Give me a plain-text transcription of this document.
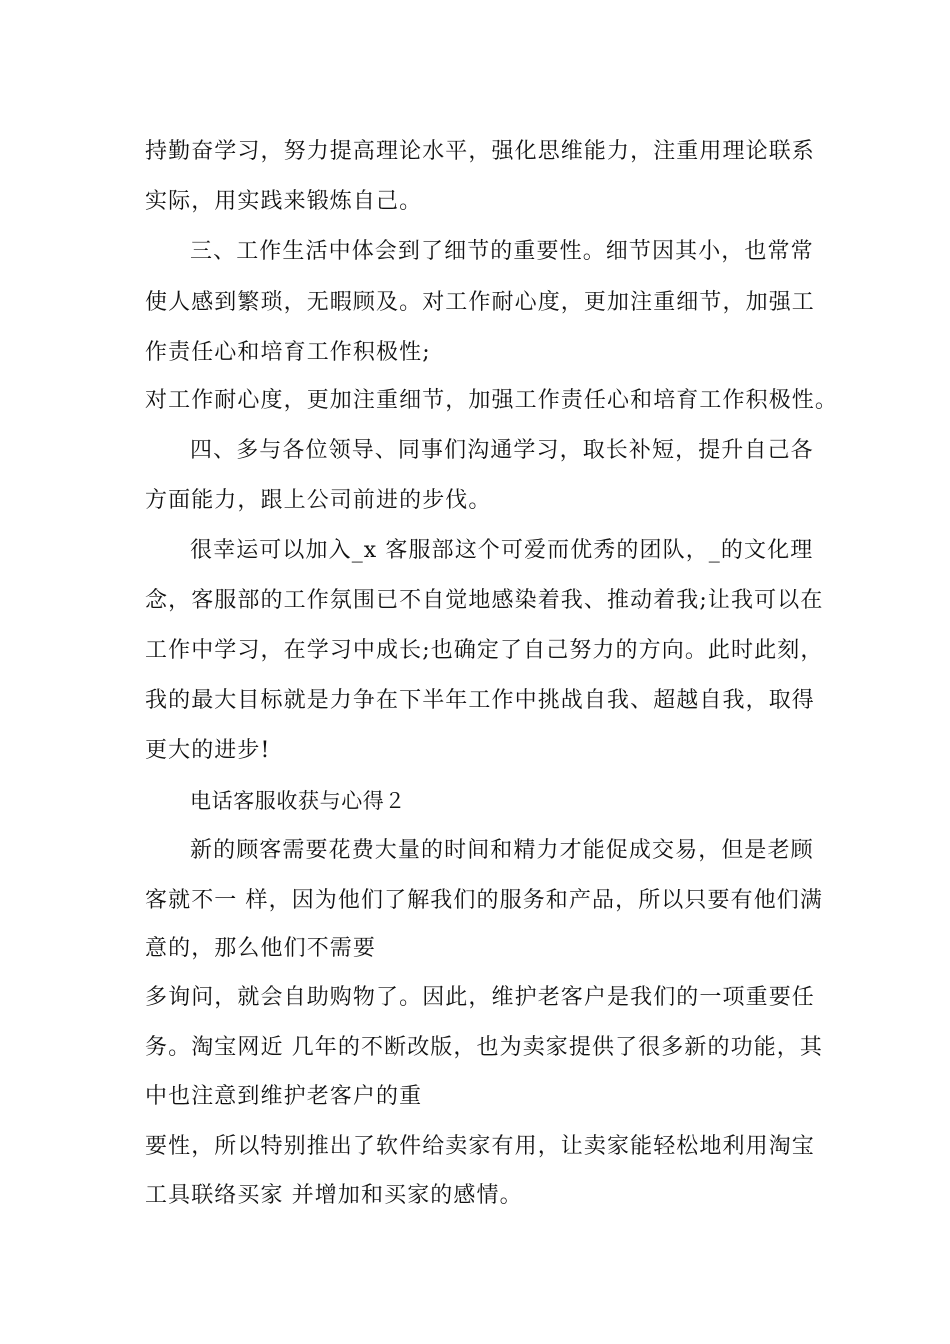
持勤奋学习，努力提高理论水平，强化思维能力，注重用理论联系

实际，用实践来锻炼自己。

三、工作生活中体会到了细节的重要性。细节因其小，也常常

使人感到繁琐，无暇顾及。对工作耐心度，更加注重细节，加强工

作责任心和培育工作积极性;

对工作耐心度，更加注重细节，加强工作责任心和培育工作积极性。

四、多与各位领导、同事们沟通学习，取长补短，提升自己各

方面能力，跟上公司前进的步伐。

很幸运可以加入_x 客服部这个可爱而优秀的团队，_的文化理

念，客服部的工作氛围已不自觉地感染着我、推动着我;让我可以在

工作中学习，在学习中成长;也确定了自己努力的方向。此时此刻，

我的最大目标就是力争在下半年工作中挑战自我、超越自我，取得

更大的进步!

电话客服收获与心得２

新的顾客需要花费大量的时间和精力才能促成交易，但是老顾

客就不一 样，因为他们了解我们的服务和产品，所以只要有他们满

意的，那么他们不需要

多询问，就会自助购物了。因此，维护老客户是我们的一项重要任

务。淘宝网近 几年的不断改版，也为卖家提供了很多新的功能，其

中也注意到维护老客户的重

要性，所以特别推出了软件给卖家有用，让卖家能轻松地利用淘宝

工具联络买家 并增加和买家的感情。
